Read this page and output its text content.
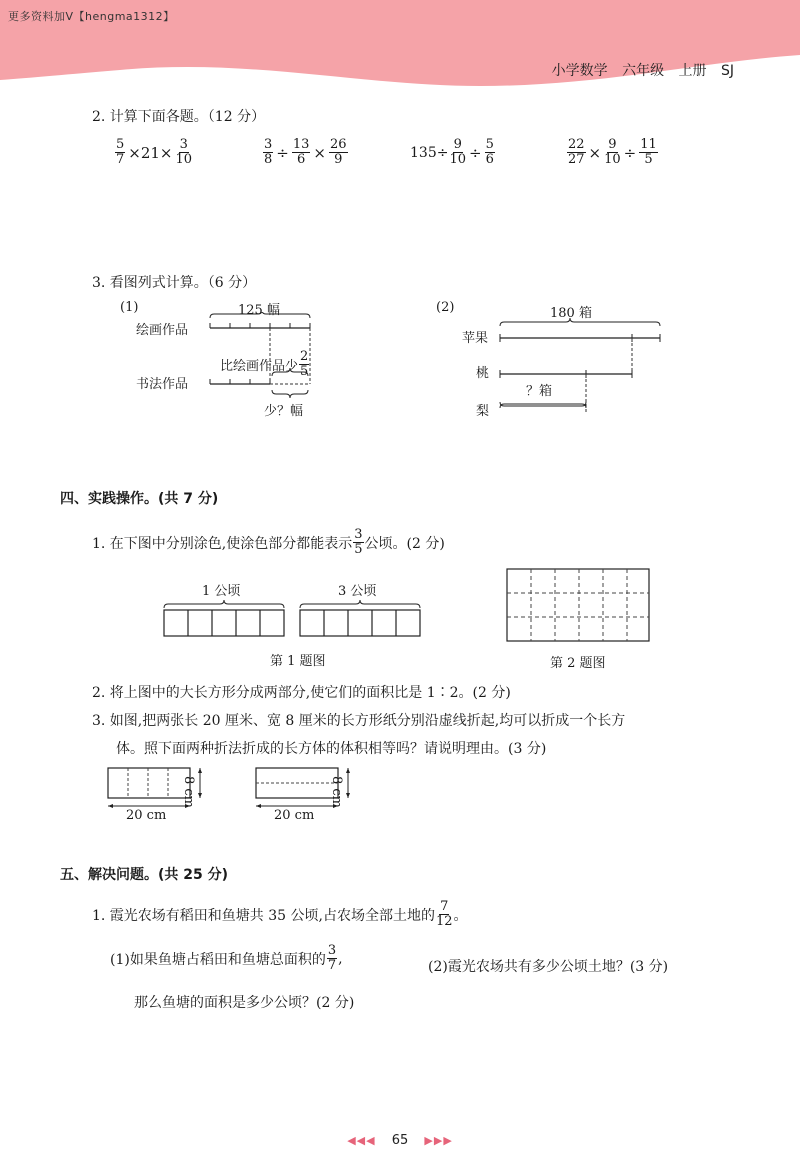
更多资料加V【hengma1312】
小学数学 六年级 上册 SJ
2. 计算下面各题。（12 分）
$\frac{5}{7} \times 21\times \frac{3}{10}$	$\frac{3}{8} \div \frac{13}{6} \times \frac{26}{9}$	$135\div \frac{9}{10} \div \frac{5}{6}$	$\frac{22}{27} \times \frac{9}{10} \div \frac{11}{5}$
3. 看图列式计算。（6 分）
(1)	125 幅
绘画作品
书法作品
比绘画作品少 $\frac{2}{5}$
少？幅
(2)	180 箱
苹果
桃
梨
？箱
四、实践操作。(共 7 分)
1. 在下图中分别涂色,使涂色部分都能表示 $\frac{3}{5}$ 公顷。(2 分)
1 公顷	3 公顷
第 1 题图	第 2 题图
2. 将上图中的大长方形分成两部分,使它们的面积比是 1∶2。(2 分)
3. 如图,把两张长 20 厘米、宽 8 厘米的长方形纸分别沿虚线折起,均可以折成一个长方
体。照下面两种折法折成的长方体的体积相等吗？请说明理由。(3 分)
20 cm
8 cm
20 cm
8 cm
五、解决问题。(共 25 分)
1. 霞光农场有稻田和鱼塘共 35 公顷,占农场全部土地的 $\frac{7}{12}$ 。
(1)如果鱼塘占稻田和鱼塘总面积的 $\frac{3}{7}$ ,
(2)霞光农场共有多少公顷土地？(3 分)
那么鱼塘的面积是多少公顷？(2 分)
◀◀◀ 65 ▶▶▶
